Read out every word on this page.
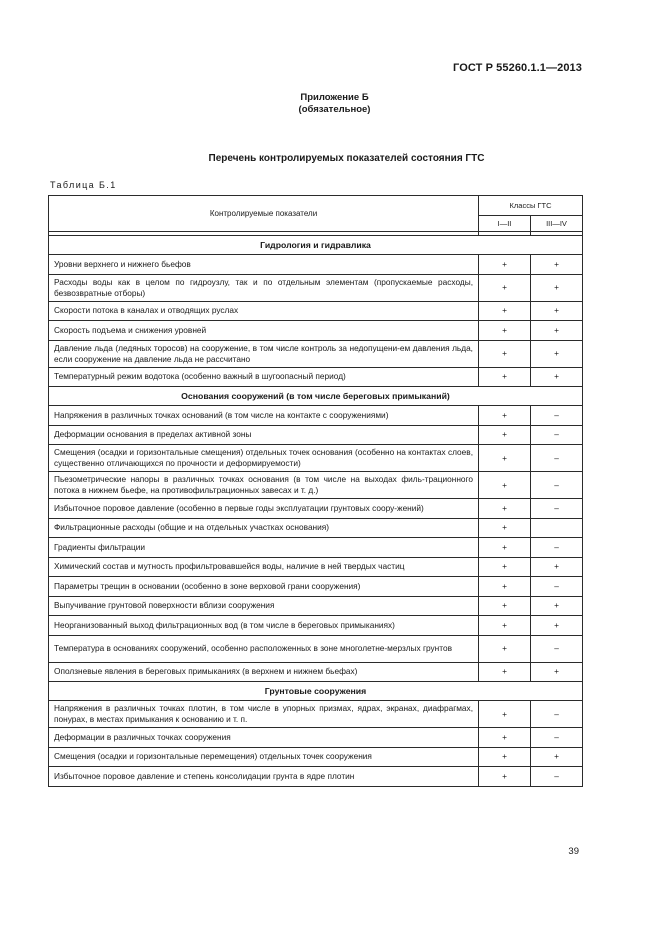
ГОСТ Р 55260.1.1—2013
Приложение Б
(обязательное)
Перечень контролируемых показателей состояния ГТС
Таблица Б.1
Контролируемые показатели	Классы ГТС	
	I—II	III—IV

Гидрология и гидравлика		
Уровни верхнего и нижнего бьефов	+	+
Расходы воды как в целом по гидроузлу, так и по отдельным элементам (пропускаемые расходы, безвозвратные отборы)	+	+
Скорости потока в каналах и отводящих руслах	+	+
Скорость подъема и снижения уровней	+	+
Давление льда (ледяных торосов) на сооружение, в том числе контроль за недопущени-ем давления льда, если сооружение на давление льда не рассчитано	+	+
Температурный режим водотока (особенно важный в шугоопасный период)	+	+
Основания сооружений (в том числе береговых примыканий)		
Напряжения в различных точках оснований (в том числе на контакте с сооружениями)	+	–
Деформации основания в пределах активной зоны	+	–
Смещения (осадки и горизонтальные смещения) отдельных точек основания (особенно на контактах слоев, существенно отличающихся по прочности и деформируемости)	+	–
Пьезометрические напоры в различных точках основания (в том числе на выходах филь-трационного потока в нижнем бьефе, на противофильтрационных завесах и т. д.)	+	–
Избыточное поровое давление (особенно в первые годы эксплуатации грунтовых соору-жений)	+	–
Фильтрационные расходы (общие и на отдельных участках основания)	+	
Градиенты фильтрации	+	–
Химический состав и мутность профильтровавшейся воды, наличие в ней твердых частиц	+	+
Параметры трещин в основании (особенно в зоне верховой грани сооружения)	+	–
Выпучивание грунтовой поверхности вблизи сооружения	+	+
Неорганизованный выход фильтрационных вод (в том числе в береговых примыканиях)	+	+
Температура в основаниях сооружений, особенно расположенных в зоне многолетне-мерзлых грунтов	+	–
Оползневые явления в береговых примыканиях (в верхнем и нижнем бьефах)	+	+
Грунтовые сооружения		
Напряжения в различных точках плотин, в том числе в упорных призмах, ядрах, экранах, диафрагмах, понурах, в местах примыкания к основанию и т. п.	+	–
Деформации в различных точках сооружения	+	–
Смещения (осадки и горизонтальные перемещения) отдельных точек сооружения	+	+
Избыточное поровое давление и степень консолидации грунта в ядре плотин	+	–
39
